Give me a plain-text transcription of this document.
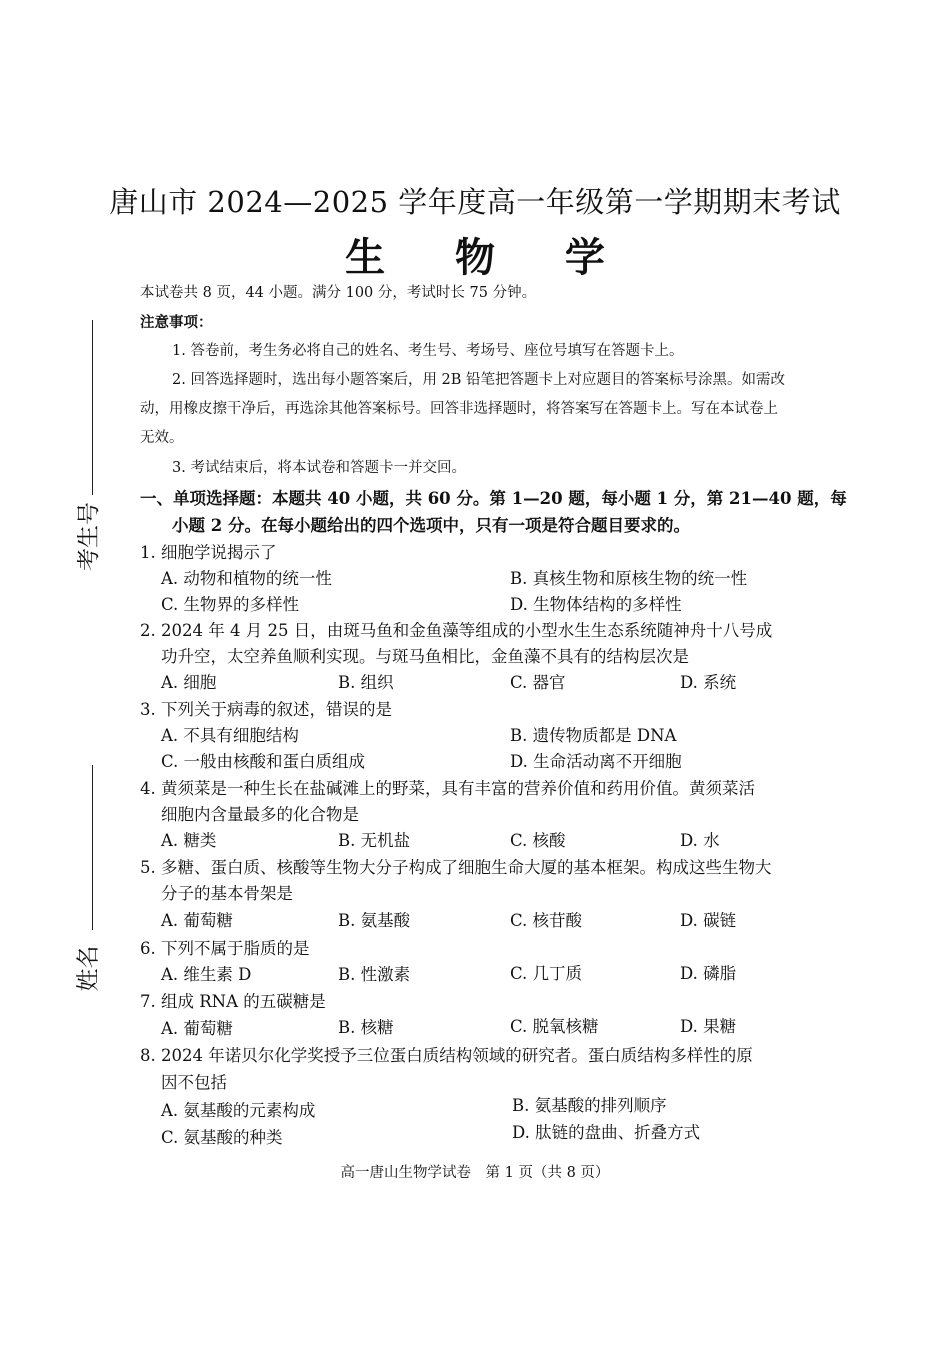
考生号
姓名
唐山市 2024—2025 学年度高一年级第一学期期末考试
生 物 学
本试卷共 8 页，44 小题。满分 100 分，考试时长 75 分钟。
注意事项：
1. 答卷前，考生务必将自己的姓名、考生号、考场号、座位号填写在答题卡上。
2. 回答选择题时，选出每小题答案后，用 2B 铅笔把答题卡上对应题目的答案标号涂黑。如需改
动，用橡皮擦干净后，再选涂其他答案标号。回答非选择题时，将答案写在答题卡上。写在本试卷上
无效。
3. 考试结束后，将本试卷和答题卡一并交回。
一、单项选择题：本题共 40 小题，共 60 分。第 1—20 题，每小题 1 分，第 21—40 题，每
小题 2 分。在每小题给出的四个选项中，只有一项是符合题目要求的。
1. 细胞学说揭示了
A. 动物和植物的统一性	B. 真核生物和原核生物的统一性
C. 生物界的多样性	D. 生物体结构的多样性
2. 2024 年 4 月 25 日，由斑马鱼和金鱼藻等组成的小型水生生态系统随神舟十八号成
功升空，太空养鱼顺利实现。与斑马鱼相比，金鱼藻不具有的结构层次是
A. 细胞	B. 组织	C. 器官	D. 系统
3. 下列关于病毒的叙述，错误的是
A. 不具有细胞结构	B. 遗传物质都是 DNA
C. 一般由核酸和蛋白质组成	D. 生命活动离不开细胞
4. 黄须菜是一种生长在盐碱滩上的野菜，具有丰富的营养价值和药用价值。黄须菜活
细胞内含量最多的化合物是
A. 糖类	B. 无机盐	C. 核酸	D. 水
5. 多糖、蛋白质、核酸等生物大分子构成了细胞生命大厦的基本框架。构成这些生物大
分子的基本骨架是
A. 葡萄糖	B. 氨基酸	C. 核苷酸	D. 碳链
6. 下列不属于脂质的是
A. 维生素 D	B. 性激素	C. 几丁质	D. 磷脂
7. 组成 RNA 的五碳糖是
A. 葡萄糖	B. 核糖	C. 脱氧核糖	D. 果糖
8. 2024 年诺贝尔化学奖授予三位蛋白质结构领域的研究者。蛋白质结构多样性的原
因不包括
A. 氨基酸的元素构成	B. 氨基酸的排列顺序
C. 氨基酸的种类	D. 肽链的盘曲、折叠方式
高一唐山生物学试卷　第 1 页（共 8 页）
